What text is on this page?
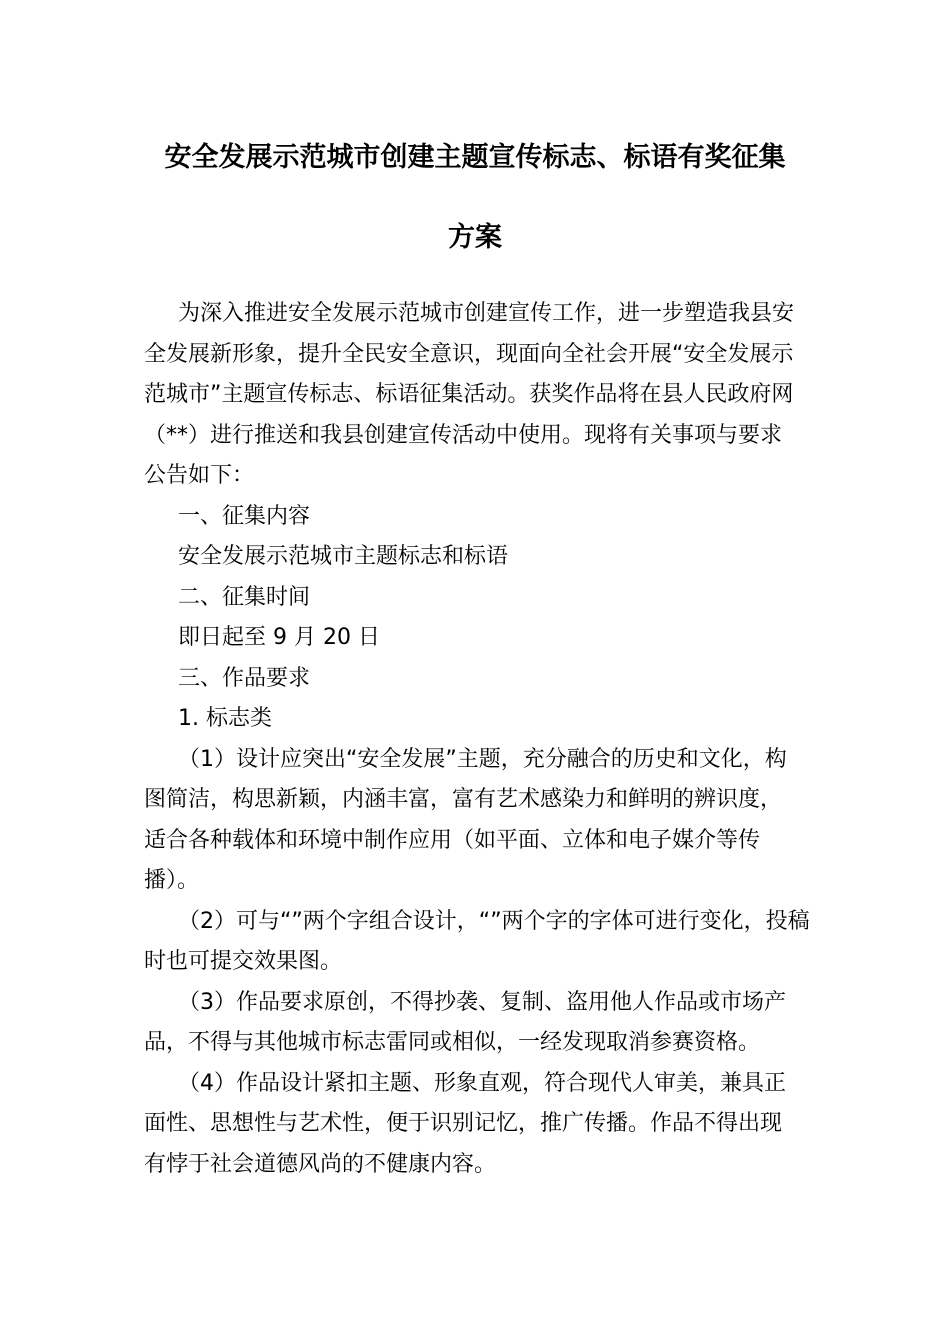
安全发展示范城市创建主题宣传标志、标语有奖征集
方案

为深入推进安全发展示范城市创建宣传工作，进一步塑造我县安
全发展新形象，提升全民安全意识，现面向全社会开展“安全发展示
范城市”主题宣传标志、标语征集活动。获奖作品将在县人民政府网
（**）进行推送和我县创建宣传活动中使用。现将有关事项与要求
公告如下：

一、征集内容

安全发展示范城市主题标志和标语

二、征集时间

即日起至 9 月 20 日

三、作品要求

1. 标志类

（1）设计应突出“安全发展”主题，充分融合的历史和文化，构
图简洁，构思新颖，内涵丰富，富有艺术感染力和鲜明的辨识度，
适合各种载体和环境中制作应用（如平面、立体和电子媒介等传
播）。

（2）可与“”两个字组合设计，“”两个字的字体可进行变化，投稿
时也可提交效果图。

（3）作品要求原创，不得抄袭、复制、盗用他人作品或市场产
品，不得与其他城市标志雷同或相似，一经发现取消参赛资格。

（4）作品设计紧扣主题、形象直观，符合现代人审美，兼具正
面性、思想性与艺术性，便于识别记忆，推广传播。作品不得出现
有悖于社会道德风尚的不健康内容。
